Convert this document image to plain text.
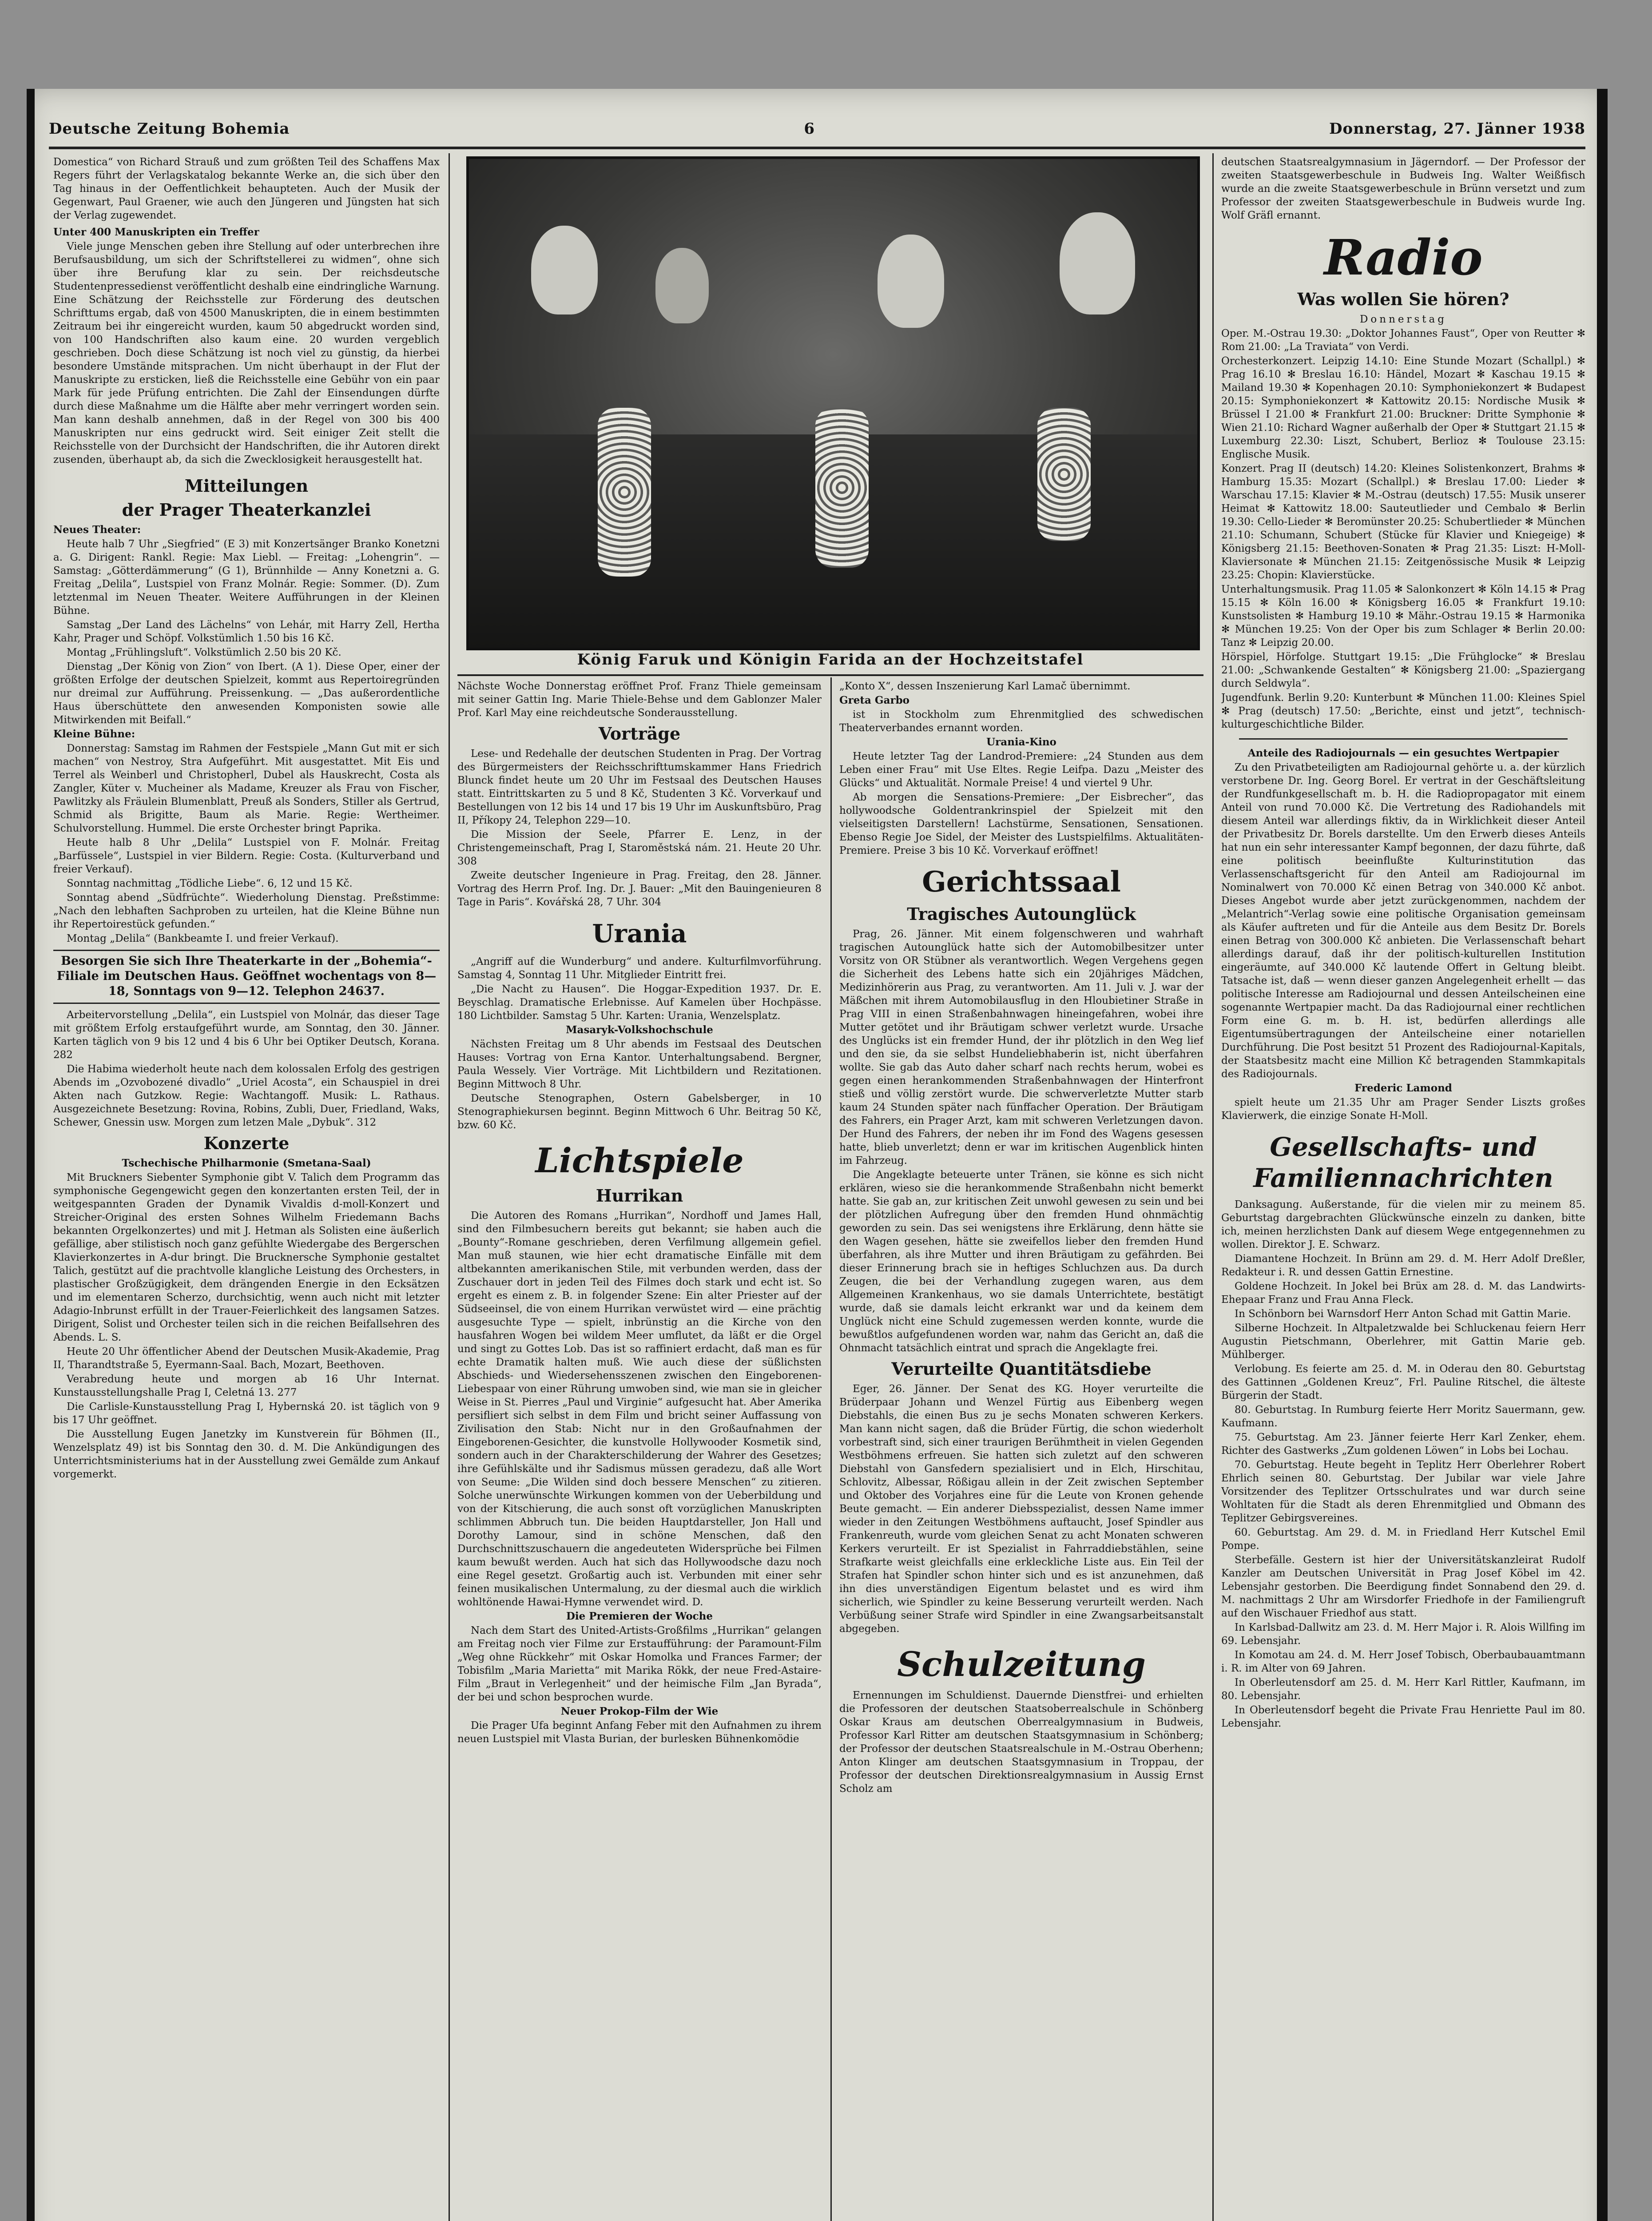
Deutsche Zeitung Bohemia	6	Donnerstag, 27. Jänner 1938

Domestica“ von Richard Strauß und zum größten Teil des Schaffens Max Regers führt der Verlagskatalog bekannte Werke an, die sich über den Tag hinaus in der Oeffentlichkeit behaupteten. Auch der Musik der Gegenwart, Paul Graener, wie auch den Jüngeren und Jüngsten hat sich der Verlag zugewendet.

Unter 400 Manuskripten ein Treffer

Viele junge Menschen geben ihre Stellung auf oder unterbrechen ihre Berufsausbildung, um sich der Schriftstellerei zu widmen“, ohne sich über ihre Berufung klar zu sein. Der reichsdeutsche Studentenpressedienst veröffentlicht deshalb eine eindringliche Warnung. Eine Schätzung der Reichsstelle zur Förderung des deutschen Schrifttums ergab, daß von 4500 Manuskripten, die in einem bestimmten Zeitraum bei ihr eingereicht wurden, kaum 50 abgedruckt worden sind, von 100 Handschriften also kaum eine. 20 wurden vergeblich geschrieben. Doch diese Schätzung ist noch viel zu günstig, da hierbei besondere Umstände mitsprachen. Um nicht überhaupt in der Flut der Manuskripte zu ersticken, ließ die Reichsstelle eine Gebühr von ein paar Mark für jede Prüfung entrichten. Die Zahl der Einsendungen dürfte durch diese Maßnahme um die Hälfte aber mehr verringert worden sein. Man kann deshalb annehmen, daß in der Regel von 300 bis 400 Manuskripten nur eins gedruckt wird. Seit einiger Zeit stellt die Reichsstelle von der Durchsicht der Handschriften, die ihr Autoren direkt zusenden, überhaupt ab, da sich die Zwecklosigkeit herausgestellt hat.

Mitteilungen
der Prager Theaterkanzlei

Neues Theater:

Heute halb 7 Uhr „Siegfried“ (E 3) mit Konzertsänger Branko Konetzni a. G. Dirigent: Rankl. Regie: Max Liebl. — Freitag: „Lohengrin“. — Samstag: „Götterdämmerung“ (G 1), Brünnhilde — Anny Konetzni a. G. Freitag „Delila“, Lustspiel von Franz Molnár. Regie: Sommer. (D). Zum letztenmal im Neuen Theater. Weitere Aufführungen in der Kleinen Bühne.

Samstag „Der Land des Lächelns“ von Lehár, mit Harry Zell, Hertha Kahr, Prager und Schöpf. Volkstümlich 1.50 bis 16 Kč.

Montag „Frühlingsluft“. Volkstümlich 2.50 bis 20 Kč.

Dienstag „Der König von Zion“ von Ibert. (A 1). Diese Oper, einer der größten Erfolge der deutschen Spielzeit, kommt aus Repertoiregründen nur dreimal zur Aufführung. Preissenkung. — „Das außerordentliche Haus überschüttete den anwesenden Komponisten sowie alle Mitwirkenden mit Beifall.“

Kleine Bühne:

Donnerstag: Samstag im Rahmen der Festspiele „Mann Gut mit er sich machen“ von Nestroy, Stra Aufgeführt. Mit ausgestattet. Mit Eis und Terrel als Weinberl und Christopherl, Dubel als Hauskrecht, Costa als Zangler, Küter v. Mucheiner als Madame, Kreuzer als Frau von Fischer, Pawlitzky als Fräulein Blumenblatt, Preuß als Sonders, Stiller als Gertrud, Schmid als Brigitte, Baum als Marie. Regie: Wertheimer. Schulvorstellung. Hummel. Die erste Orchester bringt Paprika.

Heute halb 8 Uhr „Delila“ Lustspiel von F. Molnár. Freitag „Barfüssele“, Lustspiel in vier Bildern. Regie: Costa. (Kulturverband und freier Verkauf).

Sonntag nachmittag „Tödliche Liebe“. 6, 12 und 15 Kč.

Sonntag abend „Südfrüchte“. Wiederholung Dienstag. Preßstimme: „Nach den lebhaften Sachproben zu urteilen, hat die Kleine Bühne nun ihr Repertoirestück gefunden.“

Montag „Delila“ (Bankbeamte I. und freier Verkauf).

Besorgen Sie sich Ihre Theaterkarte in der „Bohemia“-Filiale im Deutschen Haus. Geöffnet wochentags von 8—18, Sonntags von 9—12. Telephon 24637.

Arbeitervorstellung „Delila“, ein Lustspiel von Molnár, das dieser Tage mit größtem Erfolg erstaufgeführt wurde, am Sonntag, den 30. Jänner. Karten täglich von 9 bis 12 und 4 bis 6 Uhr bei Optiker Deutsch, Korana. 282

Die Habima wiederholt heute nach dem kolossalen Erfolg des gestrigen Abends im „Ozvobozené divadlo“ „Uriel Acosta“, ein Schauspiel in drei Akten nach Gutzkow. Regie: Wachtangoff. Musik: L. Rathaus. Ausgezeichnete Besetzung: Rovina, Robins, Zubli, Duer, Friedland, Waks, Schewer, Gnessin usw. Morgen zum letzen Male „Dybuk“. 312

Konzerte

Tschechische Philharmonie (Smetana-Saal)

Mit Bruckners Siebenter Symphonie gibt V. Talich dem Programm das symphonische Gegengewicht gegen den konzertanten ersten Teil, der in weitgespannten Graden der Dynamik Vivaldis d-moll-Konzert und Streicher-Original des ersten Sohnes Wilhelm Friedemann Bachs bekannten Orgelkonzertes) und mit J. Hetman als Solisten eine äußerlich gefällige, aber stilistisch noch ganz gefühlte Wiedergabe des Bergerschen Klavierkonzertes in A-dur bringt. Die Brucknersche Symphonie gestaltet Talich, gestützt auf die prachtvolle klangliche Leistung des Orchesters, in plastischer Großzügigkeit, dem drängenden Energie in den Ecksätzen und im elementaren Scherzo, durchsichtig, wenn auch nicht mit letzter Adagio-Inbrunst erfüllt in der Trauer-Feierlichkeit des langsamen Satzes. Dirigent, Solist und Orchester teilen sich in die reichen Beifallsehren des Abends. L. S.

Heute 20 Uhr öffentlicher Abend der Deutschen Musik-Akademie, Prag II, Tharandtstraße 5, Eyermann-Saal. Bach, Mozart, Beethoven.

Verabredung heute und morgen ab 16 Uhr Internat. Kunstausstellungshalle Prag I, Celetná 13. 277

Die Carlisle-Kunstausstellung Prag I, Hybernská 20. ist täglich von 9 bis 17 Uhr geöffnet.

Die Ausstellung Eugen Janetzky im Kunstverein für Böhmen (II., Wenzelsplatz 49) ist bis Sonntag den 30. d. M. Die Ankündigungen des Unterrichtsministeriums hat in der Ausstellung zwei Gemälde zum Ankauf vorgemerkt.

König Faruk und Königin Farida an der Hochzeitstafel

Nächste Woche Donnerstag eröffnet Prof. Franz Thiele gemeinsam mit seiner Gattin Ing. Marie Thiele-Behse und dem Gablonzer Maler Prof. Karl May eine reichdeutsche Sonderausstellung.

Vorträge

Lese- und Redehalle der deutschen Studenten in Prag. Der Vortrag des Bürgermeisters der Reichsschrifttumskammer Hans Friedrich Blunck findet heute um 20 Uhr im Festsaal des Deutschen Hauses statt. Eintrittskarten zu 5 und 8 Kč, Studenten 3 Kč. Vorverkauf und Bestellungen von 12 bis 14 und 17 bis 19 Uhr im Auskunftsbüro, Prag II, Příkopy 24, Telephon 229—10.

Die Mission der Seele, Pfarrer E. Lenz, in der Christengemeinschaft, Prag I, Staroměstská nám. 21. Heute 20 Uhr. 308

Zweite deutscher Ingenieure in Prag. Freitag, den 28. Jänner. Vortrag des Herrn Prof. Ing. Dr. J. Bauer: „Mit den Bauingenieuren 8 Tage in Paris“. Kovářská 28, 7 Uhr. 304

Urania

„Angriff auf die Wunderburg“ und andere. Kulturfilmvorführung. Samstag 4, Sonntag 11 Uhr. Mitglieder Eintritt frei.

„Die Nacht zu Hausen“. Die Hoggar-Expedition 1937. Dr. E. Beyschlag. Dramatische Erlebnisse. Auf Kamelen über Hochpässe. 180 Lichtbilder. Samstag 5 Uhr. Karten: Urania, Wenzelsplatz.

Masaryk-Volkshochschule

Nächsten Freitag um 8 Uhr abends im Festsaal des Deutschen Hauses: Vortrag von Erna Kantor. Unterhaltungsabend. Bergner, Paula Wessely. Vier Vorträge. Mit Lichtbildern und Rezitationen. Beginn Mittwoch 8 Uhr.

Deutsche Stenographen, Ostern Gabelsberger, in 10 Stenographiekursen beginnt. Beginn Mittwoch 6 Uhr. Beitrag 50 Kč, bzw. 60 Kč.

Lichtspiele
Hurrikan

Die Autoren des Romans „Hurrikan“, Nordhoff und James Hall, sind den Filmbesuchern bereits gut bekannt; sie haben auch die „Bounty“-Romane geschrieben, deren Verfilmung allgemein gefiel. Man muß staunen, wie hier echt dramatische Einfälle mit dem altbekannten amerikanischen Stile, mit verbunden werden, dass der Zuschauer dort in jeden Teil des Filmes doch stark und echt ist. So ergeht es einem z. B. in folgender Szene: Ein alter Priester auf der Südseeinsel, die von einem Hurrikan verwüstet wird — eine prächtig ausgesuchte Type — spielt, inbrünstig an die Kirche von den hausfahren Wogen bei wildem Meer umflutet, da läßt er die Orgel und singt zu Gottes Lob. Das ist so raffiniert erdacht, daß man es für echte Dramatik halten muß. Wie auch diese der süßlichsten Abschieds- und Wiedersehensszenen zwischen den Eingeborenen-Liebespaar von einer Rührung umwoben sind, wie man sie in gleicher Weise in St. Pierres „Paul und Virginie“ aufgesucht hat. Aber Amerika persifliert sich selbst in dem Film und bricht seiner Auffassung von Zivilisation den Stab: Nicht nur in den Großaufnahmen der Eingeborenen-Gesichter, die kunstvolle Hollywooder Kosmetik sind, sondern auch in der Charakterschilderung der Wahrer des Gesetzes; ihre Gefühlskälte und ihr Sadismus müssen geradezu, daß alle Wort von Seume: „Die Wilden sind doch bessere Menschen“ zu zitieren. Solche unerwünschte Wirkungen kommen von der Ueberbildung und von der Kitschierung, die auch sonst oft vorzüglichen Manuskripten schlimmen Abbruch tun. Die beiden Hauptdarsteller, Jon Hall und Dorothy Lamour, sind in schöne Menschen, daß den Durchschnittszuschauern die angedeuteten Widersprüche bei Filmen kaum bewußt werden. Auch hat sich das Hollywoodsche dazu noch eine Regel gesetzt. Großartig auch ist. Verbunden mit einer sehr feinen musikalischen Untermalung, zu der diesmal auch die wirklich wohltönende Hawai-Hymne verwendet wird. D.

Die Premieren der Woche

Nach dem Start des United-Artists-Großfilms „Hurrikan“ gelangen am Freitag noch vier Filme zur Erstaufführung: der Paramount-Film „Weg ohne Rückkehr“ mit Oskar Homolka und Frances Farmer; der Tobisfilm „Maria Marietta“ mit Marika Rökk, der neue Fred-Astaire-Film „Braut in Verlegenheit“ und der heimische Film „Jan Byrada“, der bei und schon besprochen wurde.

Neuer Prokop-Film der Wie

Die Prager Ufa beginnt Anfang Feber mit den Aufnahmen zu ihrem neuen Lustspiel mit Vlasta Burian, der burlesken Bühnenkomödie

„Konto X“, dessen Inszenierung Karl Lamač übernimmt.

Greta Garbo

ist in Stockholm zum Ehrenmitglied des schwedischen Theaterverbandes ernannt worden.

Urania-Kino

Heute letzter Tag der Landrod-Premiere: „24 Stunden aus dem Leben einer Frau“ mit Use Eltes. Regie Leifpa. Dazu „Meister des Glücks“ und Aktualität. Normale Preise! 4 und viertel 9 Uhr.

Ab morgen die Sensations-Premiere: „Der Eisbrecher“, das hollywoodsche Goldentrankrinspiel der Spielzeit mit den vielseitigsten Darstellern! Lachstürme, Sensationen, Sensationen. Ebenso Regie Joe Sidel, der Meister des Lustspielfilms. Aktualitäten-Premiere. Preise 3 bis 10 Kč. Vorverkauf eröffnet!

Gerichtssaal
Tragisches Autounglück

Prag, 26. Jänner. Mit einem folgenschweren und wahrhaft tragischen Autounglück hatte sich der Automobilbesitzer unter Vorsitz von OR Stübner als verantwortlich. Wegen Vergehens gegen die Sicherheit des Lebens hatte sich ein 20jähriges Mädchen, Medizinhörerin aus Prag, zu verantworten. Am 11. Juli v. J. war der Mäßchen mit ihrem Automobilausflug in den Hloubietiner Straße in Prag VIII in einen Straßenbahnwagen hineingefahren, wobei ihre Mutter getötet und ihr Bräutigam schwer verletzt wurde. Ursache des Unglücks ist ein fremder Hund, der ihr plötzlich in den Weg lief und den sie, da sie selbst Hundeliebhaberin ist, nicht überfahren wollte. Sie gab das Auto daher scharf nach rechts herum, wobei es gegen einen herankommenden Straßenbahnwagen der Hinterfront stieß und völlig zerstört wurde. Die schwerverletzte Mutter starb kaum 24 Stunden später nach fünffacher Operation. Der Bräutigam des Fahrers, ein Prager Arzt, kam mit schweren Verletzungen davon. Der Hund des Fahrers, der neben ihr im Fond des Wagens gesessen hatte, blieb unverletzt; denn er war im kritischen Augenblick hinten im Fahrzeug.

Die Angeklagte beteuerte unter Tränen, sie könne es sich nicht erklären, wieso sie die herankommende Straßenbahn nicht bemerkt hatte. Sie gab an, zur kritischen Zeit unwohl gewesen zu sein und bei der plötzlichen Aufregung über den fremden Hund ohnmächtig geworden zu sein. Das sei wenigstens ihre Erklärung, denn hätte sie den Wagen gesehen, hätte sie zweifellos lieber den fremden Hund überfahren, als ihre Mutter und ihren Bräutigam zu gefährden. Bei dieser Erinnerung brach sie in heftiges Schluchzen aus. Da durch Zeugen, die bei der Verhandlung zugegen waren, aus dem Allgemeinen Krankenhaus, wo sie damals Unterrichtete, bestätigt wurde, daß sie damals leicht erkrankt war und da keinem dem Unglück nicht eine Schuld zugemessen werden konnte, wurde die bewußtlos aufgefundenen worden war, nahm das Gericht an, daß die Ohnmacht tatsächlich eintrat und sprach die Angeklagte frei.

Verurteilte Quantitätsdiebe

Eger, 26. Jänner. Der Senat des KG. Hoyer verurteilte die Brüderpaar Johann und Wenzel Fürtig aus Eibenberg wegen Diebstahls, die einen Bus zu je sechs Monaten schweren Kerkers. Man kann nicht sagen, daß die Brüder Fürtig, die schon wiederholt vorbestraft sind, sich einer traurigen Berühmtheit in vielen Gegenden Westböhmens erfreuen. Sie hatten sich zuletzt auf den schweren Diebstahl von Gansfedern spezialisiert und in Elch, Hirschitau, Schlovitz, Albessar, Rößigau allein in der Zeit zwischen September und Oktober des Vorjahres eine für die Leute von Kronen gehende Beute gemacht. — Ein anderer Diebsspezialist, dessen Name immer wieder in den Zeitungen Westböhmens auftaucht, Josef Spindler aus Frankenreuth, wurde vom gleichen Senat zu acht Monaten schweren Kerkers verurteilt. Er ist Spezialist in Fahrraddiebstählen, seine Strafkarte weist gleichfalls eine erkleckliche Liste aus. Ein Teil der Strafen hat Spindler schon hinter sich und es ist anzunehmen, daß ihn dies unverständigen Eigentum belastet und es wird ihm sicherlich, wie Spindler zu keine Besserung verurteilt werden. Nach Verbüßung seiner Strafe wird Spindler in eine Zwangsarbeitsanstalt abgegeben.

Schulzeitung

Ernennungen im Schuldienst. Dauernde Dienstfrei- und erhielten die Professoren der deutschen Staatsoberrealschule in Schönberg Oskar Kraus am deutschen Oberrealgymnasium in Budweis, Professor Karl Ritter am deutschen Staatsgymnasium in Schönberg; der Professor der deutschen Staatsrealschule in M.-Ostrau Oberhenn; Anton Klinger am deutschen Staatsgymnasium in Troppau, der Professor der deutschen Direktionsrealgymnasium in Aussig Ernst Scholz am

deutschen Staatsrealgymnasium in Jägerndorf. — Der Professor der zweiten Staatsgewerbeschule in Budweis Ing. Walter Weißfisch wurde an die zweite Staatsgewerbeschule in Brünn versetzt und zum Professor der zweiten Staatsgewerbeschule in Budweis wurde Ing. Wolf Gräfl ernannt.

Radio
Was wollen Sie hören?

Donnerstag

Oper. M.-Ostrau 19.30: „Doktor Johannes Faust“, Oper von Reutter ✻ Rom 21.00: „La Traviata“ von Verdi.

Orchesterkonzert. Leipzig 14.10: Eine Stunde Mozart (Schallpl.) ✻ Prag 16.10 ✻ Breslau 16.10: Händel, Mozart ✻ Kaschau 19.15 ✻ Mailand 19.30 ✻ Kopenhagen 20.10: Symphoniekonzert ✻ Budapest 20.15: Symphoniekonzert ✻ Kattowitz 20.15: Nordische Musik ✻ Brüssel I 21.00 ✻ Frankfurt 21.00: Bruckner: Dritte Symphonie ✻ Wien 21.10: Richard Wagner außerhalb der Oper ✻ Stuttgart 21.15 ✻ Luxemburg 22.30: Liszt, Schubert, Berlioz ✻ Toulouse 23.15: Englische Musik.

Konzert. Prag II (deutsch) 14.20: Kleines Solistenkonzert, Brahms ✻ Hamburg 15.35: Mozart (Schallpl.) ✻ Breslau 17.00: Lieder ✻ Warschau 17.15: Klavier ✻ M.-Ostrau (deutsch) 17.55: Musik unserer Heimat ✻ Kattowitz 18.00: Sauteutlieder und Cembalo ✻ Berlin 19.30: Cello-Lieder ✻ Beromünster 20.25: Schubertlieder ✻ München 21.10: Schumann, Schubert (Stücke für Klavier und Kniegeige) ✻ Königsberg 21.15: Beethoven-Sonaten ✻ Prag 21.35: Liszt: H-Moll-Klaviersonate ✻ München 21.15: Zeitgenössische Musik ✻ Leipzig 23.25: Chopin: Klavierstücke.

Unterhaltungsmusik. Prag 11.05 ✻ Salonkonzert ✻ Köln 14.15 ✻ Prag 15.15 ✻ Köln 16.00 ✻ Königsberg 16.05 ✻ Frankfurt 19.10: Kunstsolisten ✻ Hamburg 19.10 ✻ Mähr.-Ostrau 19.15 ✻ Harmonika ✻ München 19.25: Von der Oper bis zum Schlager ✻ Berlin 20.00: Tanz ✻ Leipzig 20.00.

Hörspiel, Hörfolge. Stuttgart 19.15: „Die Frühglocke“ ✻ Breslau 21.00: „Schwankende Gestalten“ ✻ Königsberg 21.00: „Spaziergang durch Seldwyla“.

Jugendfunk. Berlin 9.20: Kunterbunt ✻ München 11.00: Kleines Spiel ✻ Prag (deutsch) 17.50: „Berichte, einst und jetzt“, technisch-kulturgeschichtliche Bilder.

Anteile des Radiojournals — ein gesuchtes Wertpapier

Zu den Privatbeteiligten am Radiojournal gehörte u. a. der kürzlich verstorbene Dr. Ing. Georg Borel. Er vertrat in der Geschäftsleitung der Rundfunkgesellschaft m. b. H. die Radiopropagator mit einem Anteil von rund 70.000 Kč. Die Vertretung des Radiohandels mit diesem Anteil war allerdings fiktiv, da in Wirklichkeit dieser Anteil der Privatbesitz Dr. Borels darstellte. Um den Erwerb dieses Anteils hat nun ein sehr interessanter Kampf begonnen, der dazu führte, daß eine politisch beeinflußte Kulturinstitution das Verlassenschaftsgericht für den Anteil am Radiojournal im Nominalwert von 70.000 Kč einen Betrag von 340.000 Kč anbot. Dieses Angebot wurde aber jetzt zurückgenommen, nachdem der „Melantrich“-Verlag sowie eine politische Organisation gemeinsam als Käufer auftreten und für die Anteile aus dem Besitz Dr. Borels einen Betrag von 300.000 Kč anbieten. Die Verlassenschaft behart allerdings darauf, daß ihr der politisch-kulturellen Institution eingeräumte, auf 340.000 Kč lautende Offert in Geltung bleibt. Tatsache ist, daß — wenn dieser ganzen Angelegenheit erhellt — das politische Interesse am Radiojournal und dessen Anteilscheinen eine sogenannte Wertpapier macht. Da das Radiojournal einer rechtlichen Form eine G. m. b. H. ist, bedürfen allerdings alle Eigentumsübertragungen der Anteilscheine einer notariellen Durchführung. Die Post besitzt 51 Prozent des Radiojournal-Kapitals, der Staatsbesitz macht eine Million Kč betragenden Stammkapitals des Radiojournals.

Frederic Lamond

spielt heute um 21.35 Uhr am Prager Sender Liszts großes Klavierwerk, die einzige Sonate H-Moll.

Gesellschafts- und Familiennachrichten

Danksagung. Außerstande, für die vielen mir zu meinem 85. Geburtstag dargebrachten Glückwünsche einzeln zu danken, bitte ich, meinen herzlichsten Dank auf diesem Wege entgegennehmen zu wollen. Direktor J. E. Schwarz.

Diamantene Hochzeit. In Brünn am 29. d. M. Herr Adolf Dreßler, Redakteur i. R. und dessen Gattin Ernestine.

Goldene Hochzeit. In Jokel bei Brüx am 28. d. M. das Landwirts-Ehepaar Franz und Frau Anna Fleck.

In Schönborn bei Warnsdorf Herr Anton Schad mit Gattin Marie.

Silberne Hochzeit. In Altpaletzwalde bei Schluckenau feiern Herr Augustin Pietschmann, Oberlehrer, mit Gattin Marie geb. Mühlberger.

Verlobung. Es feierte am 25. d. M. in Oderau den 80. Geburtstag des Gattinnen „Goldenen Kreuz“, Frl. Pauline Ritschel, die älteste Bürgerin der Stadt.

80. Geburtstag. In Rumburg feierte Herr Moritz Sauermann, gew. Kaufmann.

75. Geburtstag. Am 23. Jänner feierte Herr Karl Zenker, ehem. Richter des Gastwerks „Zum goldenen Löwen“ in Lobs bei Lochau.

70. Geburtstag. Heute begeht in Teplitz Herr Oberlehrer Robert Ehrlich seinen 80. Geburtstag. Der Jubilar war viele Jahre Vorsitzender des Teplitzer Ortsschulrates und war durch seine Wohltaten für die Stadt als deren Ehrenmitglied und Obmann des Teplitzer Gebirgsvereines.

60. Geburtstag. Am 29. d. M. in Friedland Herr Kutschel Emil Pompe.

Sterbefälle. Gestern ist hier der Universitätskanzleirat Rudolf Kanzler am Deutschen Universität in Prag Josef Köbel im 42. Lebensjahr gestorben. Die Beerdigung findet Sonnabend den 29. d. M. nachmittags 2 Uhr am Wirsdorfer Friedhofe in der Familiengruft auf den Wischauer Friedhof aus statt.

In Karlsbad-Dallwitz am 23. d. M. Herr Major i. R. Alois Willfing im 69. Lebensjahr.

In Komotau am 24. d. M. Herr Josef Tobisch, Oberbaubauamtmann i. R. im Alter von 69 Jahren.

In Oberleutensdorf am 25. d. M. Herr Karl Rittler, Kaufmann, im 80. Lebensjahr.

In Oberleutensdorf begeht die Private Frau Henriette Paul im 80. Lebensjahr.
